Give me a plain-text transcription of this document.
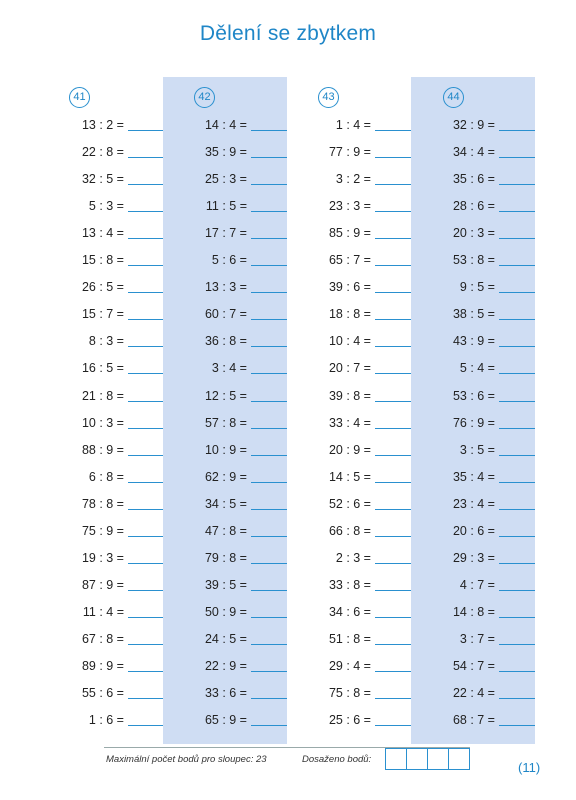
Dělení se zbytkem
41
13 : 2 =
22 : 8 =
32 : 5 =
5 : 3 =
13 : 4 =
15 : 8 =
26 : 5 =
15 : 7 =
8 : 3 =
16 : 5 =
21 : 8 =
10 : 3 =
88 : 9 =
6 : 8 =
78 : 8 =
75 : 9 =
19 : 3 =
87 : 9 =
11 : 4 =
67 : 8 =
89 : 9 =
55 : 6 =
1 : 6 =
42
14 : 4 =
35 : 9 =
25 : 3 =
11 : 5 =
17 : 7 =
5 : 6 =
13 : 3 =
60 : 7 =
36 : 8 =
3 : 4 =
12 : 5 =
57 : 8 =
10 : 9 =
62 : 9 =
34 : 5 =
47 : 8 =
79 : 8 =
39 : 5 =
50 : 9 =
24 : 5 =
22 : 9 =
33 : 6 =
65 : 9 =
43
1 : 4 =
77 : 9 =
3 : 2 =
23 : 3 =
85 : 9 =
65 : 7 =
39 : 6 =
18 : 8 =
10 : 4 =
20 : 7 =
39 : 8 =
33 : 4 =
20 : 9 =
14 : 5 =
52 : 6 =
66 : 8 =
2 : 3 =
33 : 8 =
34 : 6 =
51 : 8 =
29 : 4 =
75 : 8 =
25 : 6 =
44
32 : 9 =
34 : 4 =
35 : 6 =
28 : 6 =
20 : 3 =
53 : 8 =
9 : 5 =
38 : 5 =
43 : 9 =
5 : 4 =
53 : 6 =
76 : 9 =
3 : 5 =
35 : 4 =
23 : 4 =
20 : 6 =
29 : 3 =
4 : 7 =
14 : 8 =
3 : 7 =
54 : 7 =
22 : 4 =
68 : 7 =
Maximální počet bodů pro sloupec: 23	Dosaženo bodů:
(11)
